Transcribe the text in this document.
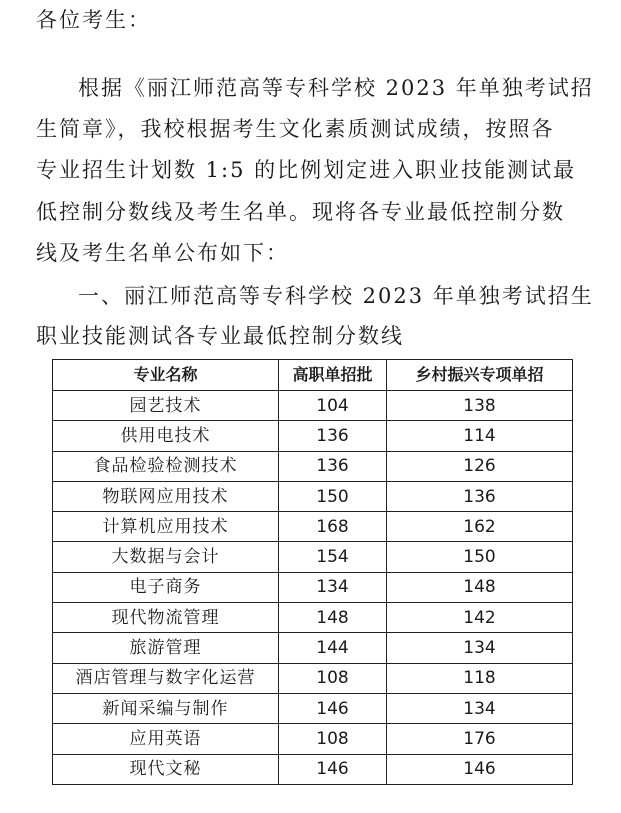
各位考生：
根据《丽江师范高等专科学校 2023 年单独考试招
生简章》，我校根据考生文化素质测试成绩，按照各
专业招生计划数 1:5 的比例划定进入职业技能测试最
低控制分数线及考生名单。现将各专业最低控制分数
线及考生名单公布如下：
一、丽江师范高等专科学校 2023 年单独考试招生
职业技能测试各专业最低控制分数线
专业名称	高职单招批	乡村振兴专项单招
园艺技术	104	138
供用电技术	136	114
食品检验检测技术	136	126
物联网应用技术	150	136
计算机应用技术	168	162
大数据与会计	154	150
电子商务	134	148
现代物流管理	148	142
旅游管理	144	134
酒店管理与数字化运营	108	118
新闻采编与制作	146	134
应用英语	108	176
现代文秘	146	146
